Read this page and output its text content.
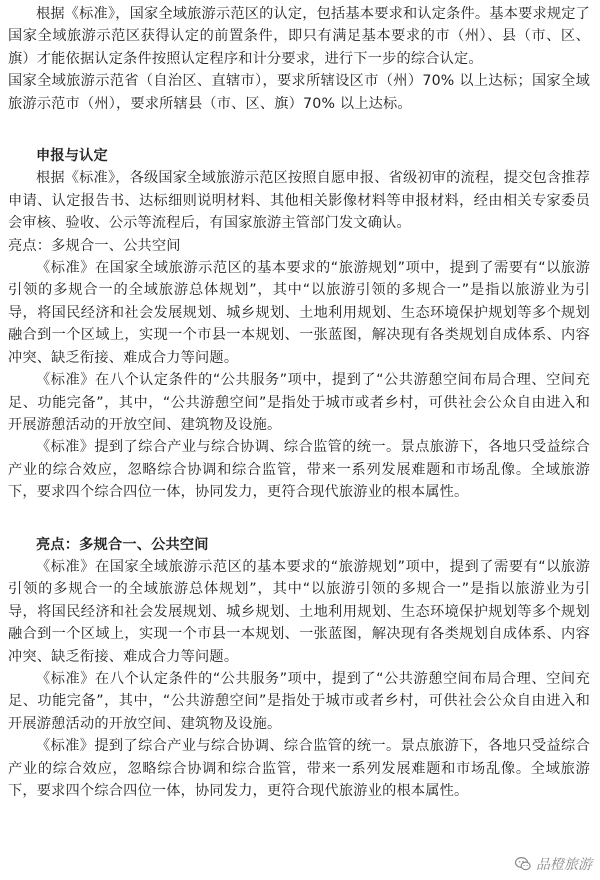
根据《标准》，国家全域旅游示范区的认定，包括基本要求和认定条件。基本要求规定了国家全域旅游示范区获得认定的前置条件，即只有满足基本要求的市（州）、县（市、区、旗）才能依据认定条件按照认定程序和计分要求，进行下一步的综合认定。

国家全域旅游示范省（自治区、直辖市），要求所辖设区市（州）70% 以上达标；国家全域旅游示范市（州），要求所辖县（市、区、旗）70% 以上达标。

申报与认定

根据《标准》，各级国家全域旅游示范区按照自愿申报、省级初审的流程，提交包含推荐申请、认定报告书、达标细则说明材料、其他相关影像材料等申报材料，经由相关专家委员会审核、验收、公示等流程后，有国家旅游主管部门发文确认。

亮点：多规合一、公共空间

《标准》在国家全域旅游示范区的基本要求的“旅游规划”项中，提到了需要有“以旅游引领的多规合一的全域旅游总体规划”，其中“以旅游引领的多规合一”是指以旅游业为引导，将国民经济和社会发展规划、城乡规划、土地利用规划、生态环境保护规划等多个规划融合到一个区域上，实现一个市县一本规划、一张蓝图，解决现有各类规划自成体系、内容冲突、缺乏衔接、难成合力等问题。

《标准》在八个认定条件的“公共服务”项中，提到了“公共游憩空间布局合理、空间充足、功能完备”，其中，“公共游憩空间”是指处于城市或者乡村，可供社会公众自由进入和开展游憩活动的开放空间、建筑物及设施。

《标准》提到了综合产业与综合协调、综合监管的统一。景点旅游下，各地只受益综合产业的综合效应，忽略综合协调和综合监管，带来一系列发展难题和市场乱像。全域旅游下，要求四个综合四位一体，协同发力，更符合现代旅游业的根本属性。

亮点：多规合一、公共空间

《标准》在国家全域旅游示范区的基本要求的“旅游规划”项中，提到了需要有“以旅游引领的多规合一的全域旅游总体规划”，其中“以旅游引领的多规合一”是指以旅游业为引导，将国民经济和社会发展规划、城乡规划、土地利用规划、生态环境保护规划等多个规划融合到一个区域上，实现一个市县一本规划、一张蓝图，解决现有各类规划自成体系、内容冲突、缺乏衔接、难成合力等问题。

《标准》在八个认定条件的“公共服务”项中，提到了“公共游憩空间布局合理、空间充足、功能完备”，其中，“公共游憩空间”是指处于城市或者乡村，可供社会公众自由进入和开展游憩活动的开放空间、建筑物及设施。

《标准》提到了综合产业与综合协调、综合监管的统一。景点旅游下，各地只受益综合产业的综合效应，忽略综合协调和综合监管，带来一系列发展难题和市场乱像。全域旅游下，要求四个综合四位一体，协同发力，更符合现代旅游业的根本属性。

品橙旅游
